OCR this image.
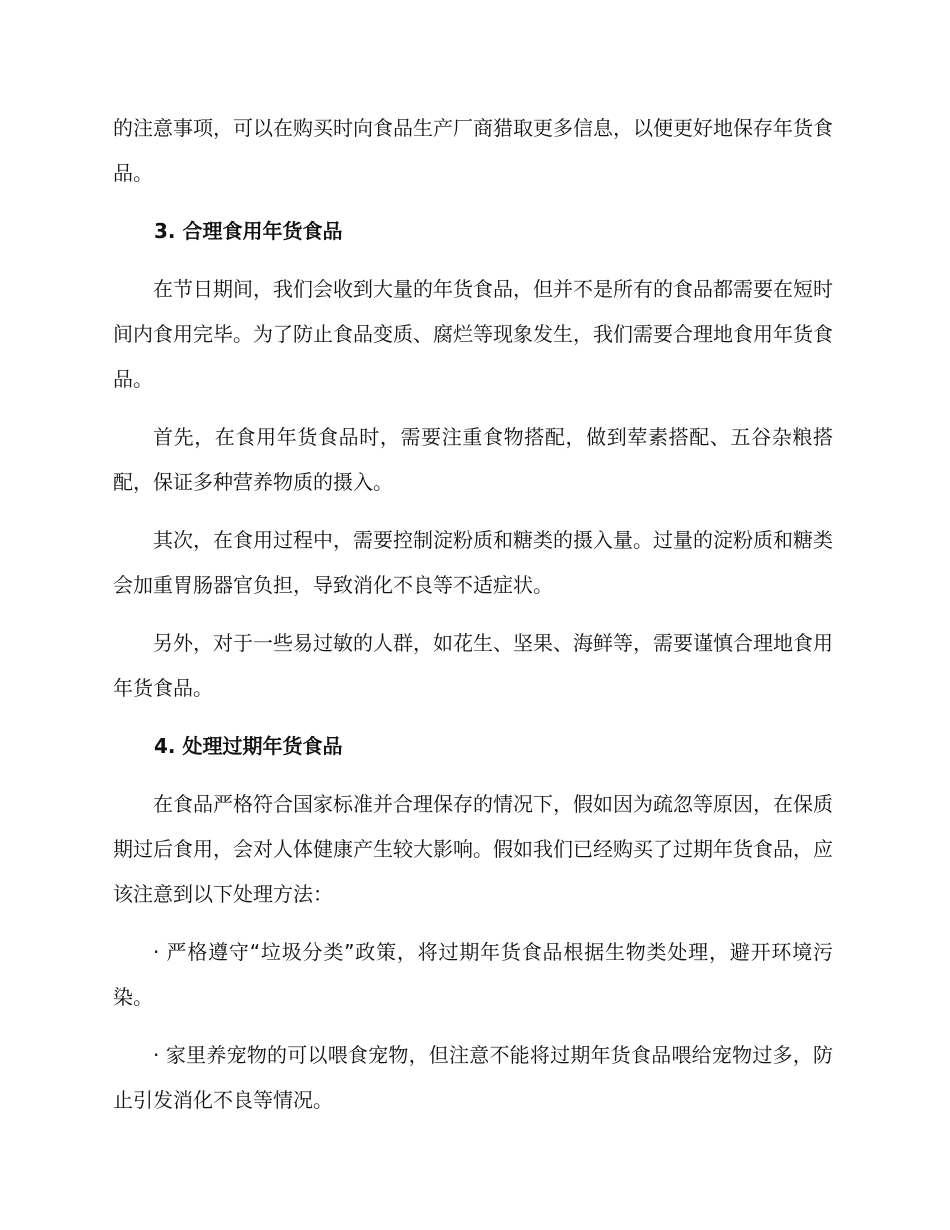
的注意事项，可以在购买时向食品生产厂商猎取更多信息，以便更好地保存年货食品。

3. 合理食用年货食品

在节日期间，我们会收到大量的年货食品，但并不是所有的食品都需要在短时间内食用完毕。为了防止食品变质、腐烂等现象发生，我们需要合理地食用年货食品。

首先，在食用年货食品时，需要注重食物搭配，做到荤素搭配、五谷杂粮搭配，保证多种营养物质的摄入。

其次，在食用过程中，需要控制淀粉质和糖类的摄入量。过量的淀粉质和糖类会加重胃肠器官负担，导致消化不良等不适症状。

另外，对于一些易过敏的人群，如花生、坚果、海鲜等，需要谨慎合理地食用年货食品。

4. 处理过期年货食品

在食品严格符合国家标准并合理保存的情况下，假如因为疏忽等原因，在保质期过后食用，会对人体健康产生较大影响。假如我们已经购买了过期年货食品，应该注意到以下处理方法：

· 严格遵守“垃圾分类”政策，将过期年货食品根据生物类处理，避开环境污染。

· 家里养宠物的可以喂食宠物，但注意不能将过期年货食品喂给宠物过多，防止引发消化不良等情况。
